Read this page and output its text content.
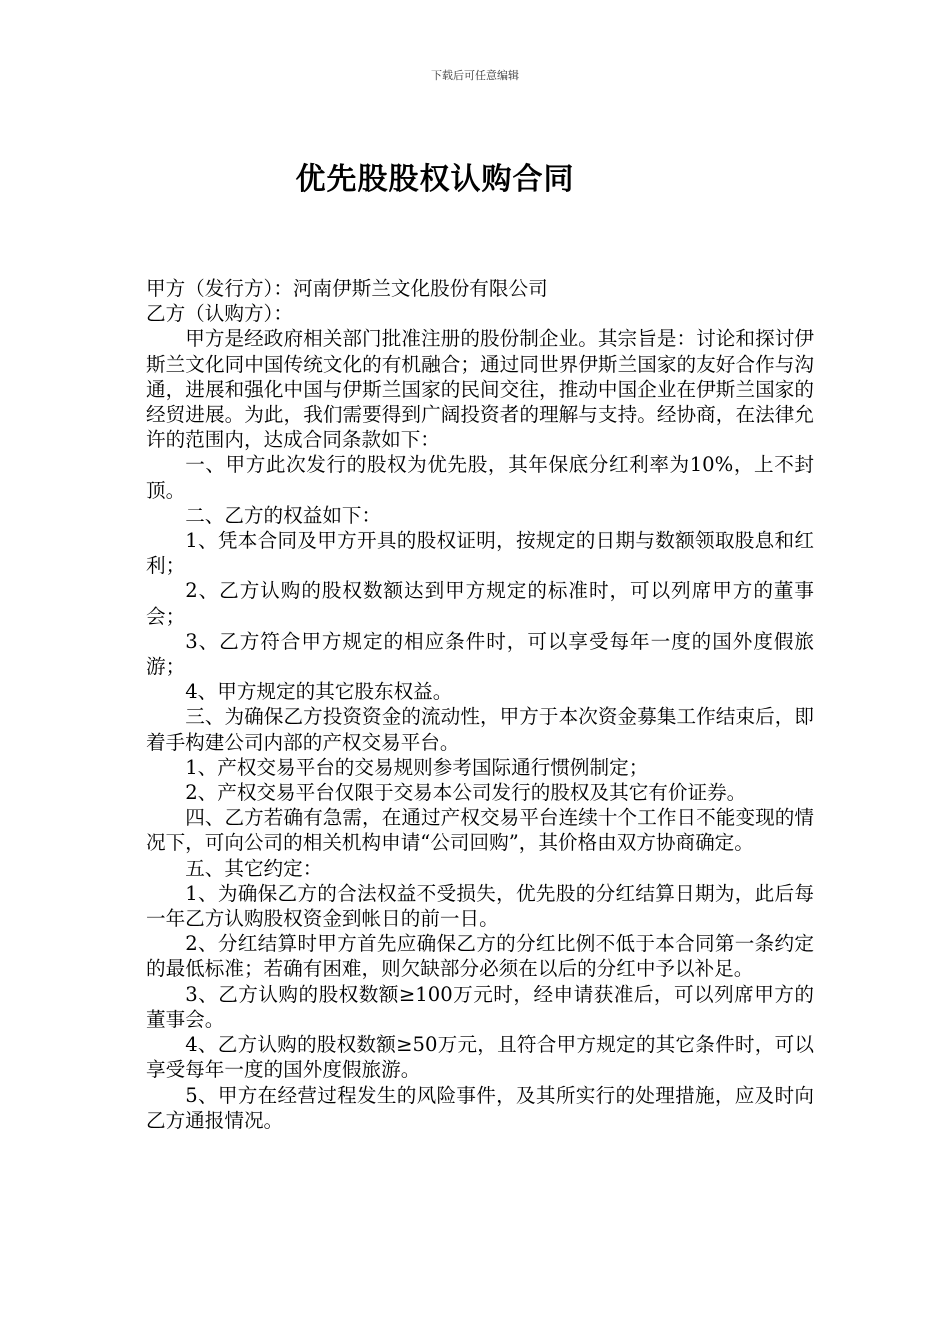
下载后可任意编辑
优先股股权认购合同

甲方（发行方）：河南伊斯兰文化股份有限公司

乙方（认购方）：

甲方是经政府相关部门批准注册的股份制企业。其宗旨是：讨论和探讨伊斯兰文化同中国传统文化的有机融合；通过同世界伊斯兰国家的友好合作与沟通，进展和强化中国与伊斯兰国家的民间交往，推动中国企业在伊斯兰国家的经贸进展。为此，我们需要得到广阔投资者的理解与支持。经协商，在法律允许的范围内，达成合同条款如下：

一、甲方此次发行的股权为优先股，其年保底分红利率为10%，上不封顶。

二、乙方的权益如下：

1、凭本合同及甲方开具的股权证明，按规定的日期与数额领取股息和红利；

2、乙方认购的股权数额达到甲方规定的标准时，可以列席甲方的董事会；

3、乙方符合甲方规定的相应条件时，可以享受每年一度的国外度假旅游；

4、甲方规定的其它股东权益。

三、为确保乙方投资资金的流动性，甲方于本次资金募集工作结束后，即着手构建公司内部的产权交易平台。

1、产权交易平台的交易规则参考国际通行惯例制定；

2、产权交易平台仅限于交易本公司发行的股权及其它有价证券。

四、乙方若确有急需，在通过产权交易平台连续十个工作日不能变现的情况下，可向公司的相关机构申请“公司回购”，其价格由双方协商确定。

五、其它约定：

1、为确保乙方的合法权益不受损失，优先股的分红结算日期为，此后每一年乙方认购股权资金到帐日的前一日。

2、分红结算时甲方首先应确保乙方的分红比例不低于本合同第一条约定的最低标准；若确有困难，则欠缺部分必须在以后的分红中予以补足。

3、乙方认购的股权数额≥100万元时，经申请获准后，可以列席甲方的董事会。

4、乙方认购的股权数额≥50万元，且符合甲方规定的其它条件时，可以享受每年一度的国外度假旅游。

5、甲方在经营过程发生的风险事件，及其所实行的处理措施，应及时向乙方通报情况。
